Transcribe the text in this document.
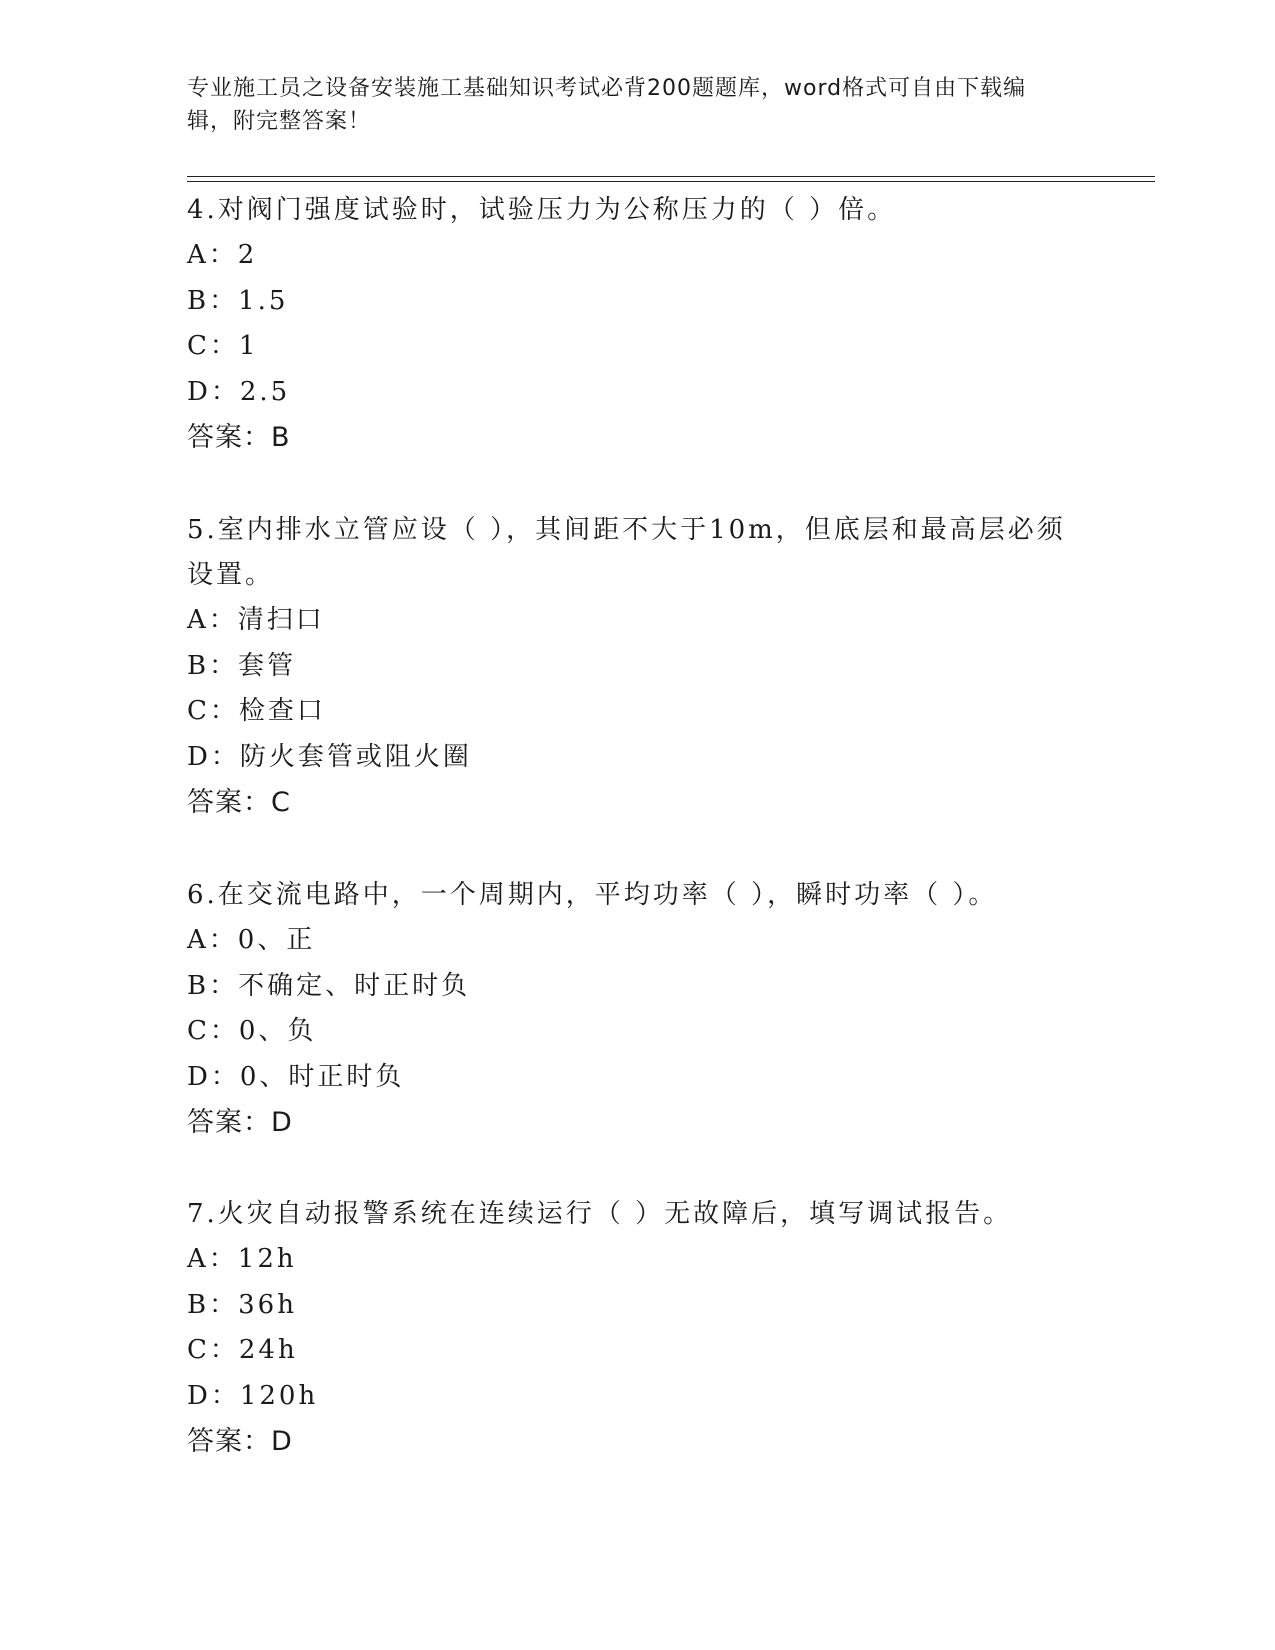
专业施工员之设备安装施工基础知识考试必背200题题库，word格式可自由下载编辑，附完整答案！

4.对阀门强度试验时，试验压力为公称压力的（ ）倍。

A：2

B：1.5

C：1

D：2.5

答案：B

5.室内排水立管应设（ ），其间距不大于10m，但底层和最高层必须设置。

A：清扫口

B：套管

C：检查口

D：防火套管或阻火圈

答案：C

6.在交流电路中，一个周期内，平均功率（ ），瞬时功率（ ）。

A：0、正

B：不确定、时正时负

C：0、负

D：0、时正时负

答案：D

7.火灾自动报警系统在连续运行（ ）无故障后，填写调试报告。

A：12h

B：36h

C：24h

D：120h

答案：D
